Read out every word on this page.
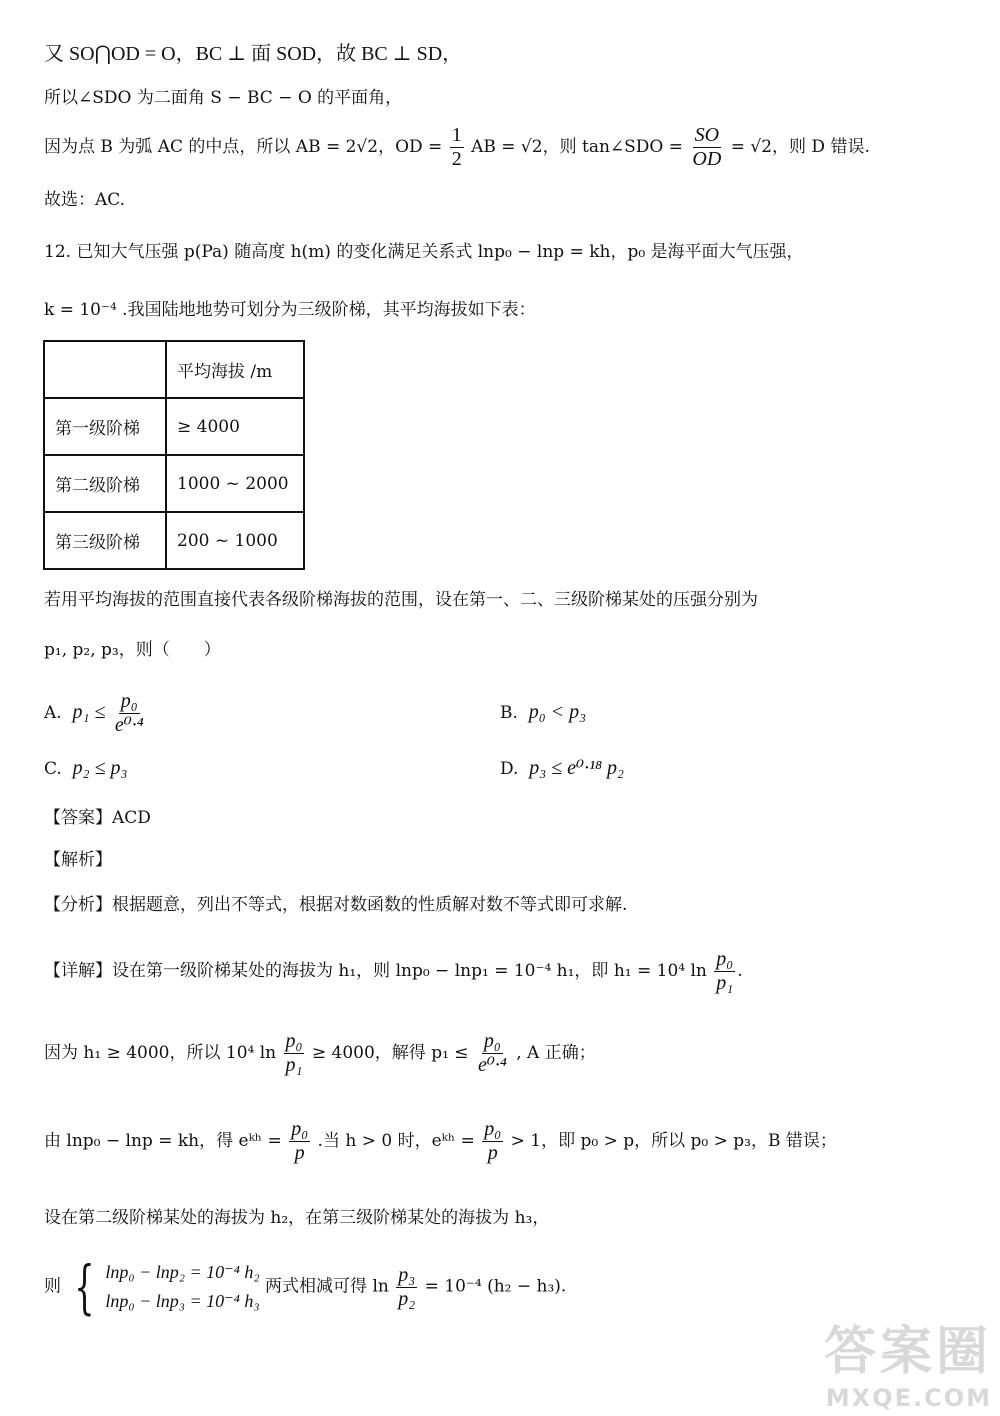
又 SO⋂OD = O，BC ⊥ 面 SOD，故 BC ⊥ SD，
所以∠SDO 为二面角 S − BC − O 的平面角，
因为点 B 为弧 AC 的中点，所以 AB = 2√2，OD = $\frac{1}{2}$ AB = √2，则 tan∠SDO = $\frac{SO}{OD} = √2$，则 D 错误.
故选：AC.
12. 已知大气压强 p(Pa) 随高度 h(m) 的变化满足关系式 lnp₀ − lnp = kh，p₀ 是海平面大气压强，
k = 10⁻⁴ .我国陆地地势可划分为三级阶梯，其平均海拔如下表：
	平均海拔 /m
第一级阶梯	≥ 4000
第二级阶梯	1000 ~ 2000
第三级阶梯	200 ~ 1000
若用平均海拔的范围直接代表各级阶梯海拔的范围，设在第一、二、三级阶梯某处的压强分别为
p₁, p₂, p₃，则（　　）
A. $p_1 \le \frac{\text{p₀}}{\text{e⁰·⁴}}$	B. p₀ < p₃
C. p₂ ≤ p₃	D. p₃ ≤ e⁰·¹⁸ p₂
【答案】ACD
【解析】
【分析】根据题意，列出不等式，根据对数函数的性质解对数不等式即可求解.
【详解】设在第一级阶梯某处的海拔为 h₁，则 lnp₀ − lnp₁ = 10⁻⁴ h₁，即 h₁ = 10⁴ $\ln \frac{\text{p₀}}{\text{p₁}}$ .
因为 h₁ ≥ 4000，所以 10⁴ $\ln \frac{\text{p₀}}{\text{p₁}} \ge 4000$，解得 $p_1 \le \frac{\text{p₀}}{\text{e⁰·⁴}}$ , A 正确；
由 lnp₀ − lnp = kh，得 eᵏʰ = $\frac{\text{p₀}}{p}$ .当 h > 0 时，eᵏʰ = $\frac{\text{p₀}}{p} > 1$，即 p₀ > p，所以 p₀ > p₃，B 错误；
设在第二级阶梯某处的海拔为 h₂，在第三级阶梯某处的海拔为 h₃，
则 { lnp₀ − lnp₂ = 10⁻⁴ h₂
lnp₀ − lnp₃ = 10⁻⁴ h₃
两式相减可得 $\ln \frac{\text{p₃}}{\text{p₂}} = 10^{-4}$ (h₂ − h₃).
答案圈
MXQE.COM
